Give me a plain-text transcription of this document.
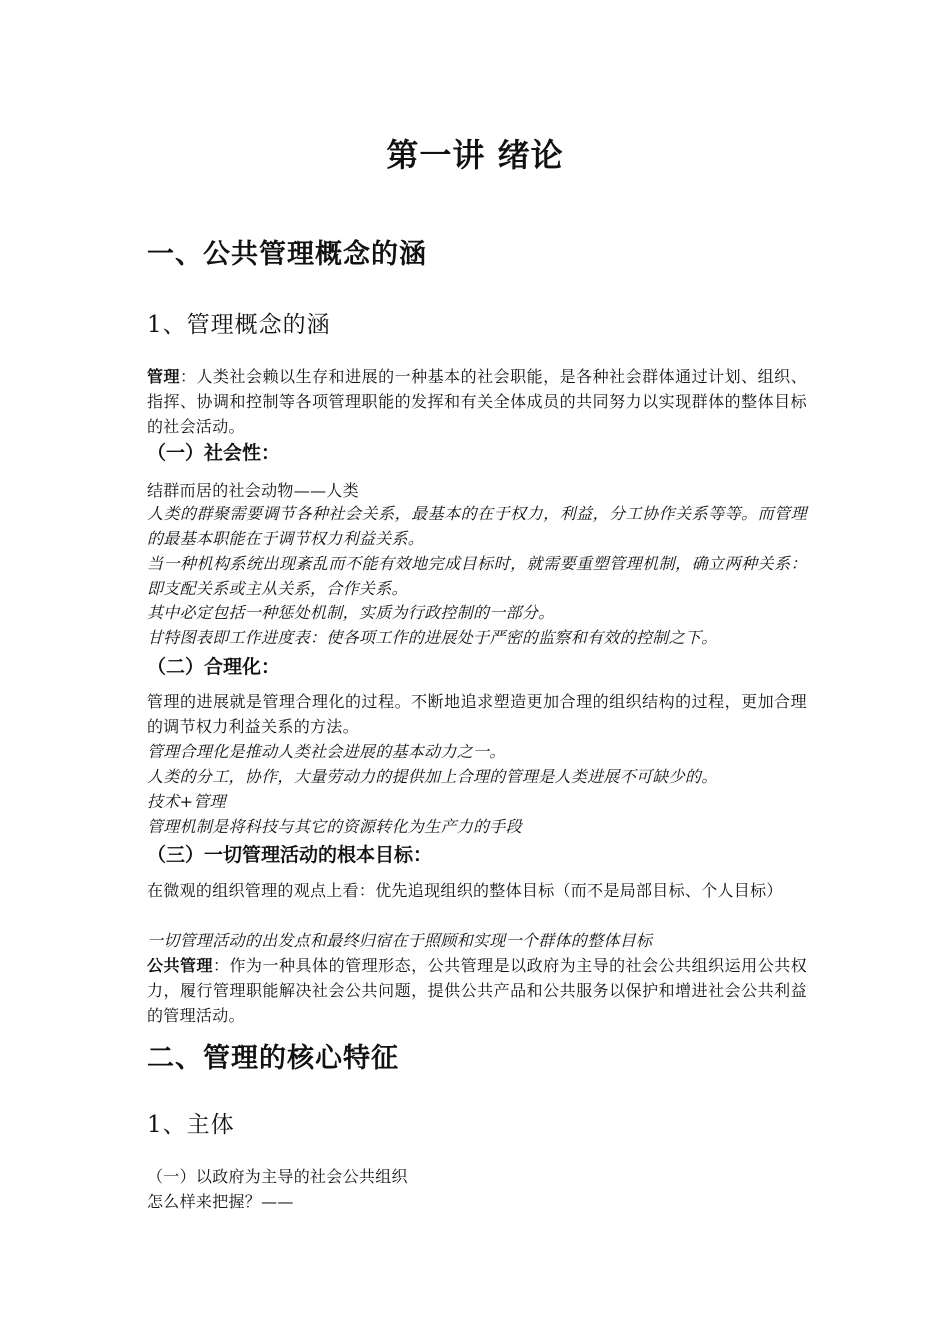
第一讲 绪论
一、公共管理概念的涵
1、管理概念的涵
管理：人类社会赖以生存和进展的一种基本的社会职能，是各种社会群体通过计划、组织、指挥、协调和控制等各项管理职能的发挥和有关全体成员的共同努力以实现群体的整体目标的社会活动。
（一）社会性：
结群而居的社会动物——人类
人类的群聚需要调节各种社会关系，最基本的在于权力，利益，分工协作关系等等。而管理的最基本职能在于调节权力利益关系。
当一种机构系统出现紊乱而不能有效地完成目标时，就需要重塑管理机制，确立两种关系：即支配关系或主从关系，合作关系。
其中必定包括一种惩处机制，实质为行政控制的一部分。
甘特图表即工作进度表：使各项工作的进展处于严密的监察和有效的控制之下。
（二）合理化：
管理的进展就是管理合理化的过程。不断地追求塑造更加合理的组织结构的过程，更加合理的调节权力利益关系的方法。
管理合理化是推动人类社会进展的基本动力之一。
人类的分工，协作，大量劳动力的提供加上合理的管理是人类进展不可缺少的。
技术+管理
管理机制是将科技与其它的资源转化为生产力的手段
（三）一切管理活动的根本目标：
在微观的组织管理的观点上看：优先追现组织的整体目标（而不是局部目标、个人目标）
一切管理活动的出发点和最终归宿在于照顾和实现一个群体的整体目标
公共管理：作为一种具体的管理形态，公共管理是以政府为主导的社会公共组织运用公共权力，履行管理职能解决社会公共问题，提供公共产品和公共服务以保护和增进社会公共利益的管理活动。
二、管理的核心特征
1、主体
（一）以政府为主导的社会公共组织
怎么样来把握？——
